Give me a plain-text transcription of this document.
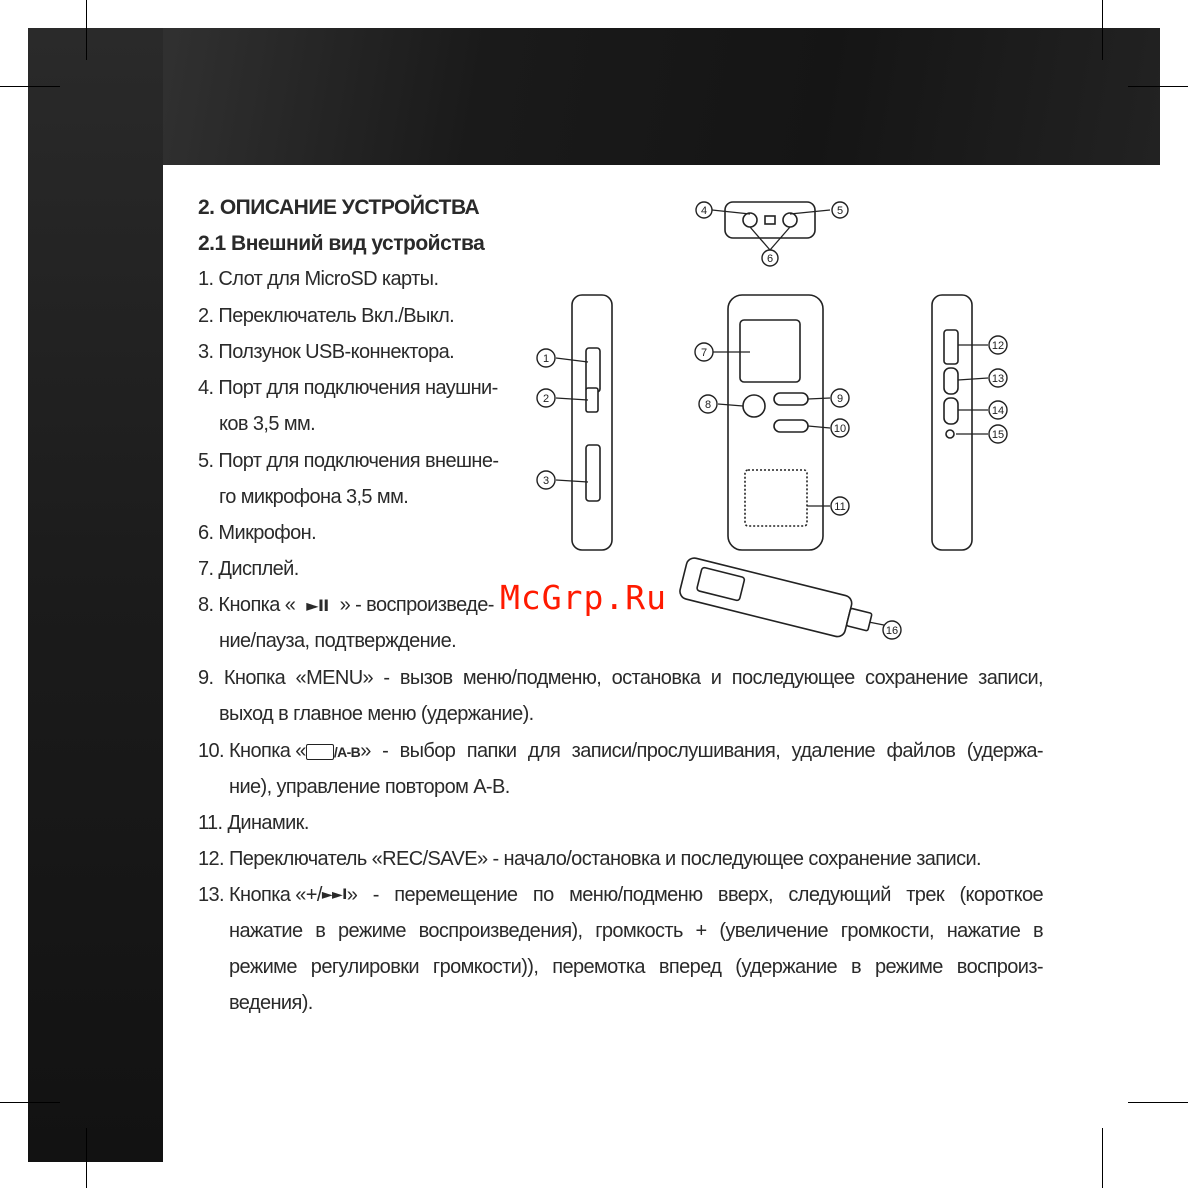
2. ОПИСАНИЕ УСТРОЙСТВА
2.1 Внешний вид устройства
1. Слот для MicroSD карты.
2. Переключатель Вкл./Выкл.
3. Ползунок USB-коннектора.
4. Порт для подключения наушни-
ков 3,5 мм.
5. Порт для подключения внешне-
го микрофона 3,5 мм.
6. Микрофон.
7. Дисплей.
8. Кнопка « ►II » - воспроизведе-
ние/пауза, подтверждение.
9. Кнопка «MENU» - вызов меню/подменю, остановка и последующее сохранение записи,
выход в главное меню (удержание).
10. Кнопка « /A-B » - выбор папки для записи/прослушивания, удаление файлов (удержа-
ние), управление повтором A-B.
11. Динамик.
12. Переключатель «REC/SAVE» - начало/остановка и последующее сохранение записи.
13. Кнопка «+/ ►►I » - перемещение по меню/подменю вверх, следующий трек (короткое
нажатие в режиме воспроизведения), громкость + (увеличение громкости, нажатие в
режиме регулировки громкости)), перемотка вперед (удержание в режиме воспроиз-
ведения).
4	5
6
1
2
3
7
8	9
10
11
12
13
14
15
16
McGrp.Ru
